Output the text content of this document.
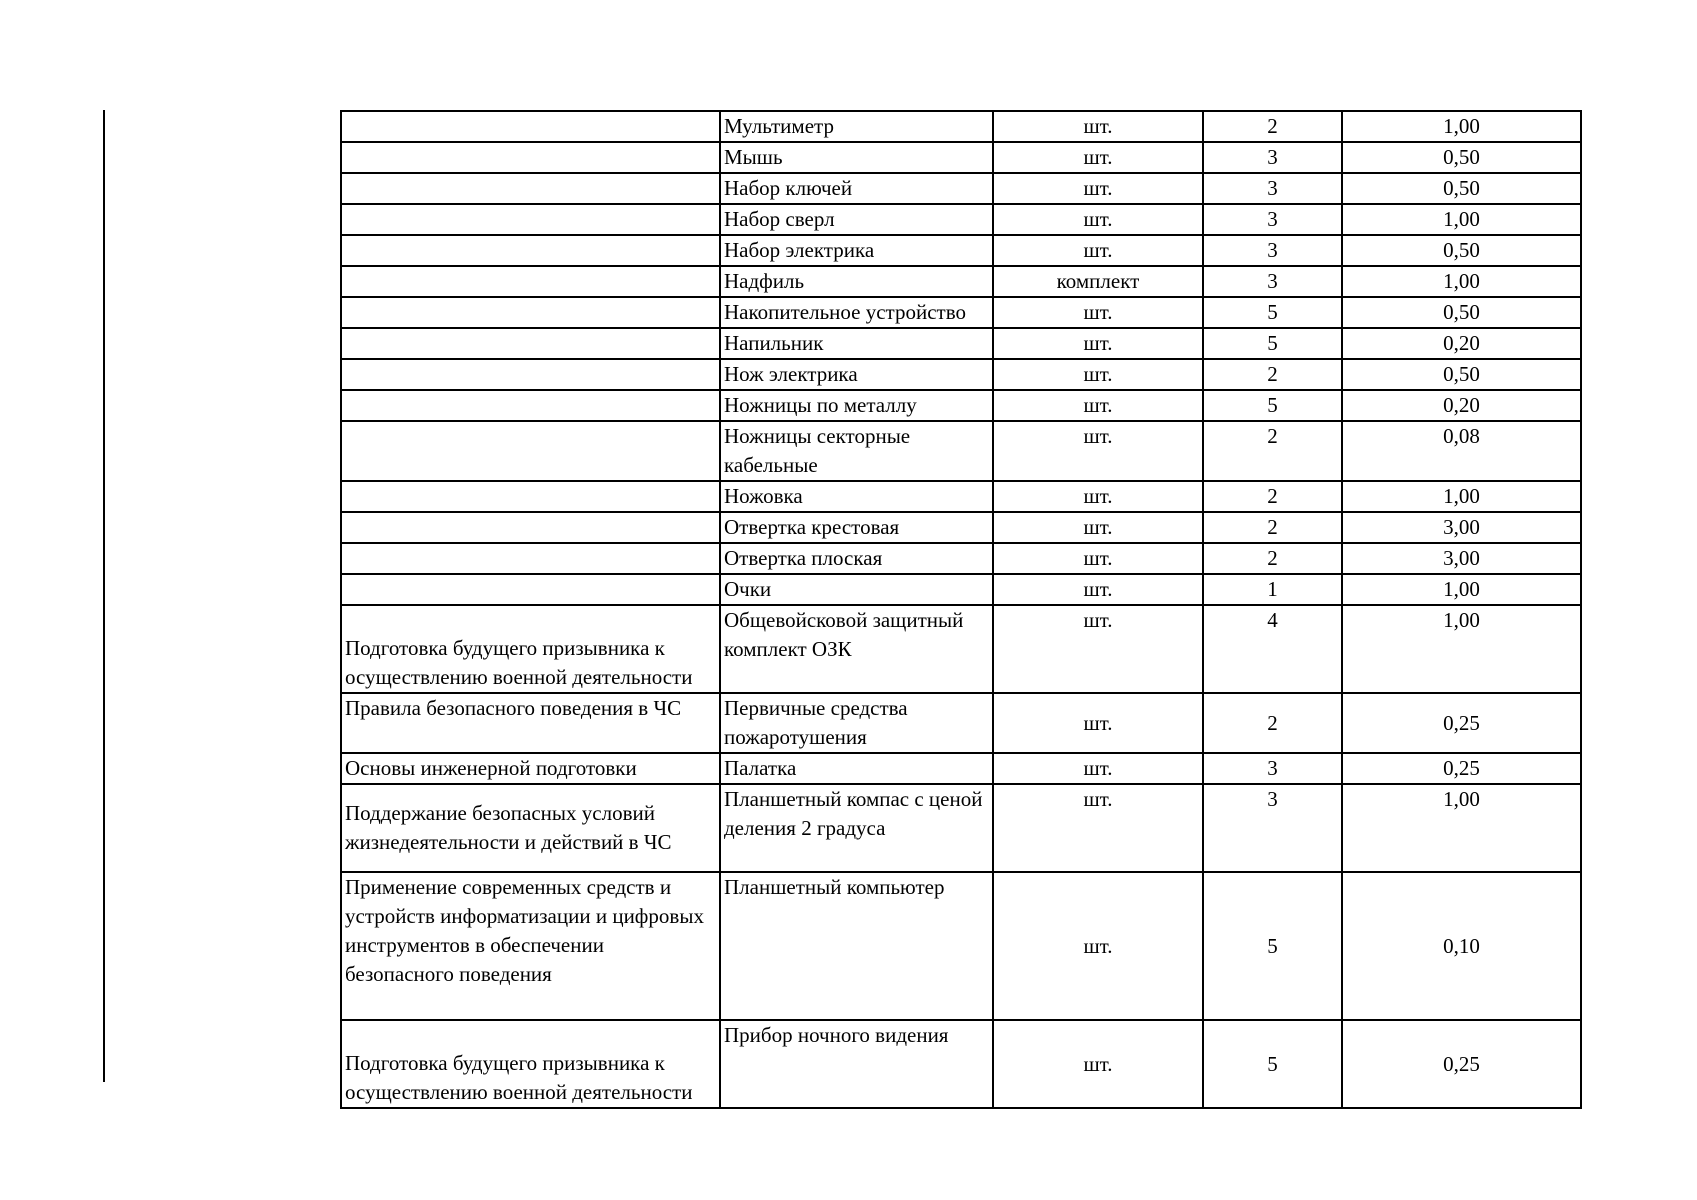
	Мультиметр	шт.	2	1,00
	Мышь	шт.	3	0,50
	Набор ключей	шт.	3	0,50
	Набор сверл	шт.	3	1,00
	Набор электрика	шт.	3	0,50
	Надфиль	комплект	3	1,00
	Накопительное устройство	шт.	5	0,50
	Напильник	шт.	5	0,20
	Нож электрика	шт.	2	0,50
	Ножницы по металлу	шт.	5	0,20
	Ножницы секторные кабельные	шт.	2	0,08
	Ножовка	шт.	2	1,00
	Отвертка крестовая	шт.	2	3,00
	Отвертка плоская	шт.	2	3,00
	Очки	шт.	1	1,00
Подготовка будущего призывника к осуществлению военной деятельности	Общевойсковой защитный комплект ОЗК	шт.	4	1,00
Правила безопасного поведения в ЧС	Первичные средства пожаротушения	шт.	2	0,25
Основы инженерной подготовки	Палатка	шт.	3	0,25
Поддержание безопасных условий жизнедеятельности и действий в ЧС	Планшетный компас с ценой деления 2 градуса	шт.	3	1,00
Применение современных средств и устройств информатизации и цифровых инструментов в обеспечении безопасного поведения	Планшетный компьютер	шт.	5	0,10
Подготовка будущего призывника к осуществлению военной деятельности	Прибор ночного видения	шт.	5	0,25
